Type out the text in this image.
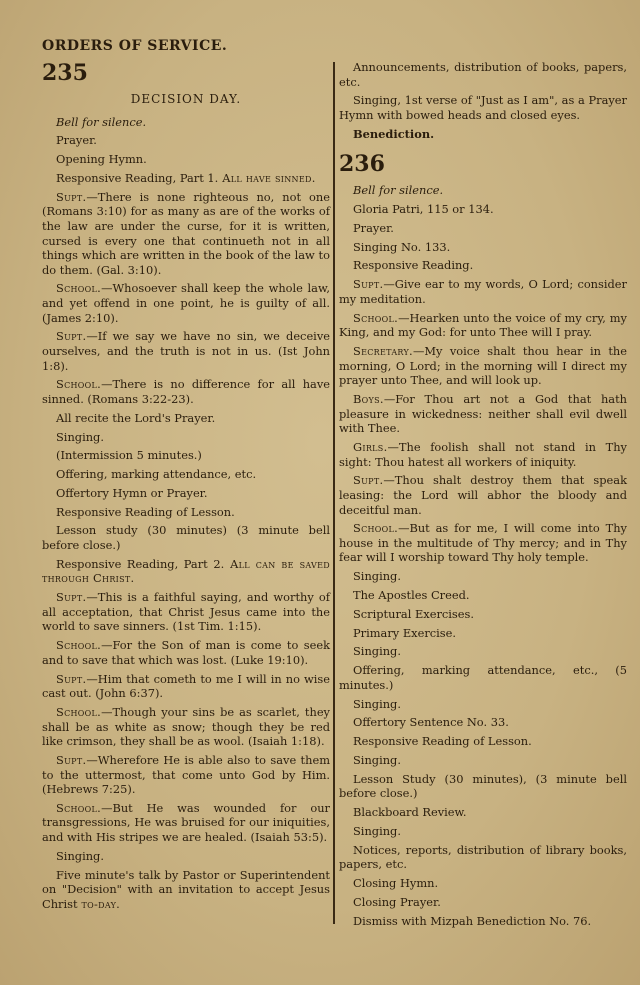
ORDERS OF SERVICE.
235
DECISION DAY.
Bell for silence.
Prayer.
Opening Hymn.
Responsive Reading, Part 1. All have sinned.
Supt.—There is none righteous no, not one (Romans 3:10) for as many as are of the works of the law are under the curse, for it is written, cursed is every one that continueth not in all things which are written in the book of the law to do them. (Gal. 3:10).
School.—Whosoever shall keep the whole law, and yet offend in one point, he is guilty of all. (James 2:10).
Supt.—If we say we have no sin, we deceive ourselves, and the truth is not in us. (Ist John 1:8).
School.—There is no difference for all have sinned. (Romans 3:22-23).
All recite the Lord's Prayer.
Singing.
(Intermission 5 minutes.)
Offering, marking attendance, etc.
Offertory Hymn or Prayer.
Responsive Reading of Lesson.
Lesson study (30 minutes) (3 minute bell before close.)
Responsive Reading, Part 2. All can be saved through Christ.
Supt.—This is a faithful saying, and worthy of all acceptation, that Christ Jesus came into the world to save sinners. (1st Tim. 1:15).
School.—For the Son of man is come to seek and to save that which was lost. (Luke 19:10).
Supt.—Him that cometh to me I will in no wise cast out. (John 6:37).
School.—Though your sins be as scarlet, they shall be as white as snow; though they be red like crimson, they shall be as wool. (Isaiah 1:18).
Supt.—Wherefore He is able also to save them to the uttermost, that come unto God by Him. (Hebrews 7:25).
School.—But He was wounded for our transgressions, He was bruised for our iniquities, and with His stripes we are healed. (Isaiah 53:5).
Singing.
Five minute's talk by Pastor or Superintendent on "Decision" with an invitation to accept Jesus Christ to-day.
Announcements, distribution of books, papers, etc.
Singing, 1st verse of "Just as I am", as a Prayer Hymn with bowed heads and closed eyes.
Benediction.
236
Bell for silence.
Gloria Patri, 115 or 134.
Prayer.
Singing No. 133.
Responsive Reading.
Supt.—Give ear to my words, O Lord; consider my meditation.
School.—Hearken unto the voice of my cry, my King, and my God: for unto Thee will I pray.
Secretary.—My voice shalt thou hear in the morning, O Lord; in the morning will I direct my prayer unto Thee, and will look up.
Boys.—For Thou art not a God that hath pleasure in wickedness: neither shall evil dwell with Thee.
Girls.—The foolish shall not stand in Thy sight: Thou hatest all workers of iniquity.
Supt.—Thou shalt destroy them that speak leasing: the Lord will abhor the bloody and deceitful man.
School.—But as for me, I will come into Thy house in the multitude of Thy mercy; and in Thy fear will I worship toward Thy holy temple.
Singing.
The Apostles Creed.
Scriptural Exercises.
Primary Exercise.
Singing.
Offering, marking attendance, etc., (5 minutes.)
Singing.
Offertory Sentence No. 33.
Responsive Reading of Lesson.
Singing.
Lesson Study (30 minutes), (3 minute bell before close.)
Blackboard Review.
Singing.
Notices, reports, distribution of library books, papers, etc.
Closing Hymn.
Closing Prayer.
Dismiss with Mizpah Benediction No. 76.
